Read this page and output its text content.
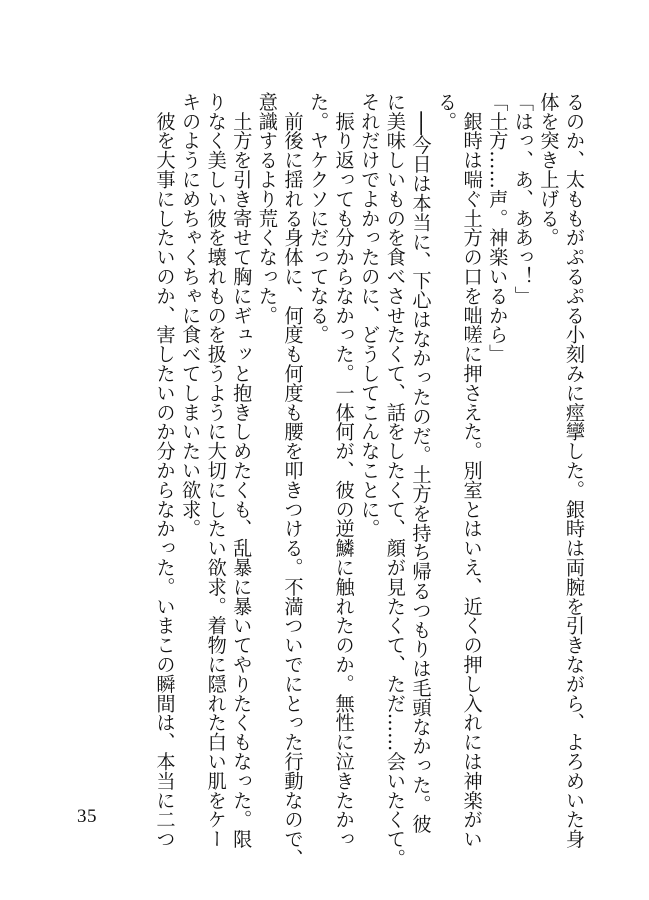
るのか、太ももがぷるぷる小刻みに痙攣した。銀時は両腕を引きながら、よろめいた身
体を突き上げる。
「はっ、あ、ああっ！」
「土方……声。神楽いるから」
　銀時は喘ぐ土方の口を咄嗟に押さえた。別室とはいえ、近くの押し入れには神楽がい
る。
　──今日は本当に、下心はなかったのだ。土方を持ち帰るつもりは毛頭なかった。彼
に美味しいものを食べさせたくて、話をしたくて、顔が見たくて、ただ……会いたくて。
それだけでよかったのに、どうしてこんなことに。
　振り返っても分からなかった。一体何が、彼の逆鱗に触れたのか。無性に泣きたかっ
た。ヤケクソにだってなる。
　前後に揺れる身体に、何度も何度も腰を叩きつける。不満ついでにとった行動なので、
意識するより荒くなった。
　土方を引き寄せて胸にギュッと抱きしめたくも、乱暴に暴いてやりたくもなった。限
りなく美しい彼を壊れものを扱うように大切にしたい欲求。着物に隠れた白い肌をケー
キのようにめちゃくちゃに食べてしまいたい欲求。
　彼を大事にしたいのか、害したいのか分からなかった。いまこの瞬間は、本当に二つ
35
